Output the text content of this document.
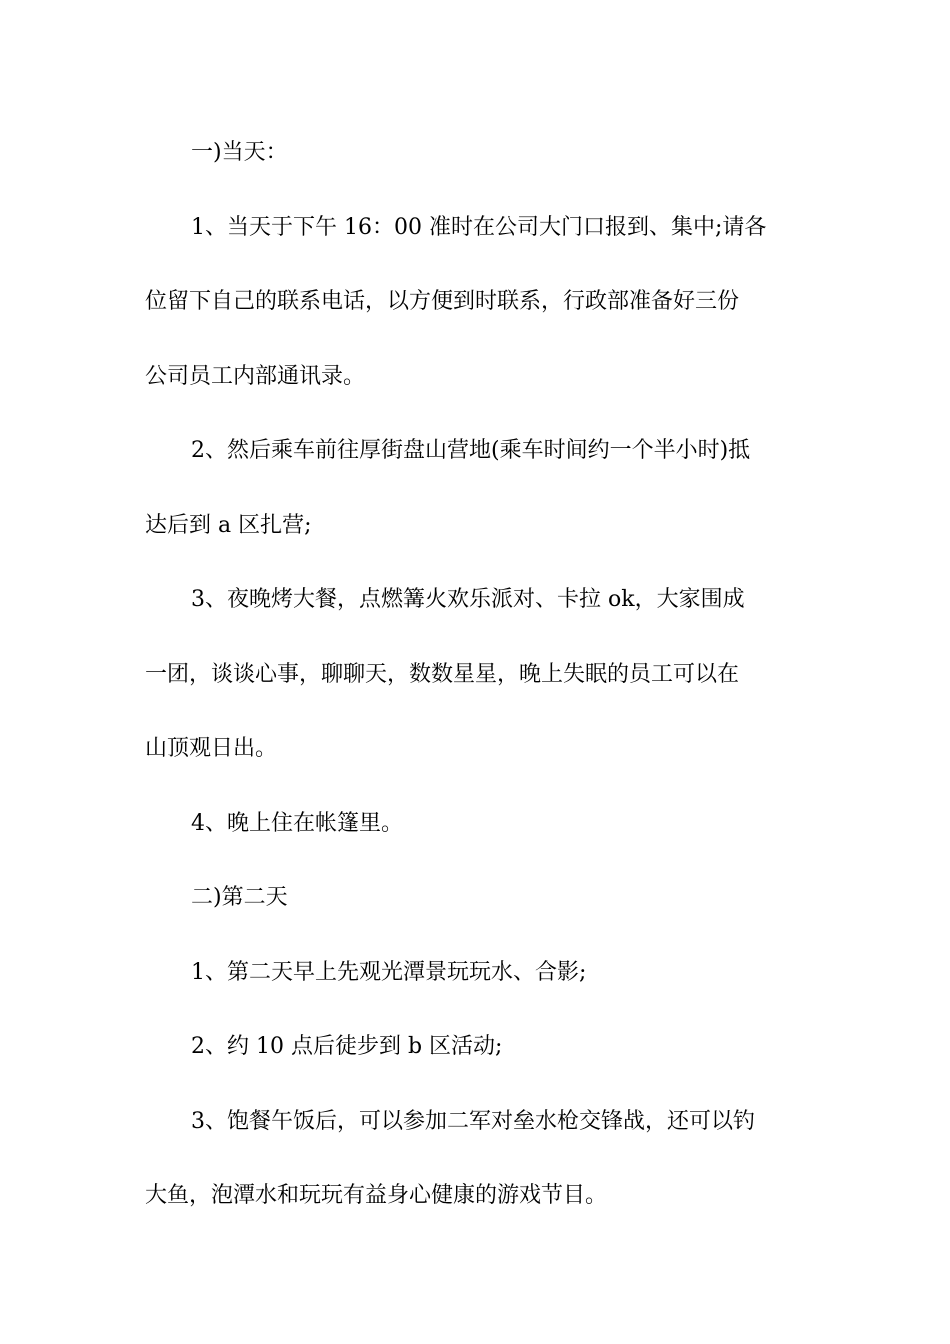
一)当天：
1、当天于下午 16：00 准时在公司大门口报到、集中;请各
位留下自己的联系电话，以方便到时联系，行政部准备好三份
公司员工内部通讯录。
2、然后乘车前往厚街盘山营地(乘车时间约一个半小时)抵
达后到 a 区扎营;
3、夜晚烤大餐，点燃篝火欢乐派对、卡拉 ok，大家围成
一团，谈谈心事，聊聊天，数数星星，晚上失眠的员工可以在
山顶观日出。
4、晚上住在帐篷里。
二)第二天
1、第二天早上先观光潭景玩玩水、合影;
2、约 10 点后徒步到 b 区活动;
3、饱餐午饭后，可以参加二军对垒水枪交锋战，还可以钓
大鱼，泡潭水和玩玩有益身心健康的游戏节目。
